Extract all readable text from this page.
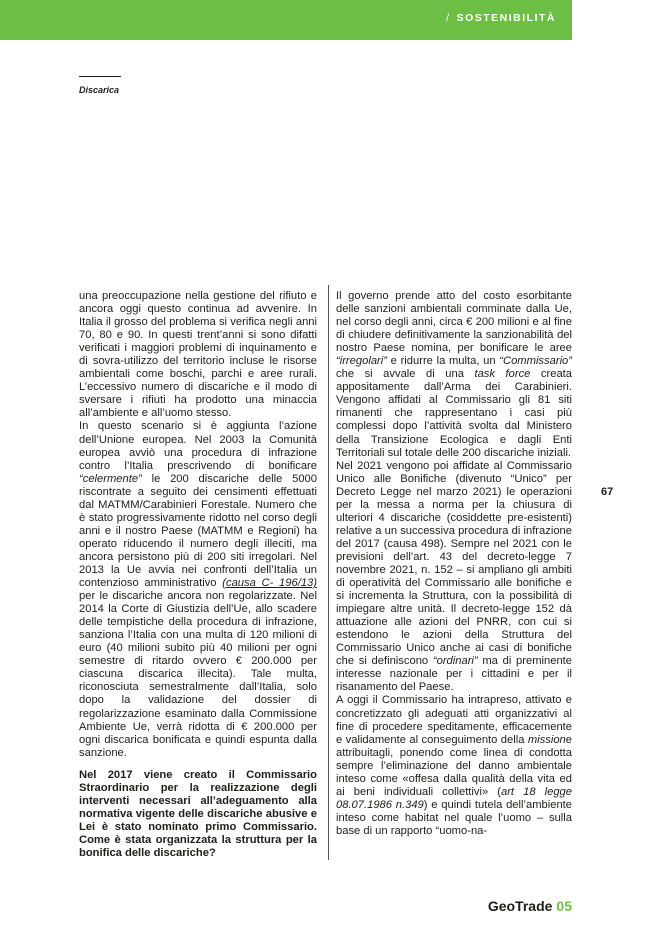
/ SOSTENIBILITÀ
Discarica

una preoccupazione nella gestione del rifiuto e ancora oggi questo continua ad avvenire. In Italia il grosso del problema si verifica negli anni 70, 80 e 90. In questi trent’anni si sono difatti verificati i maggiori problemi di inquinamento e di sovra-utilizzo del territorio incluse le risorse ambientali come boschi, parchi e aree rurali. L’eccessivo numero di discariche e il modo di sversare i rifiuti ha prodotto una minaccia all’ambiente e all’uomo stesso.

In questo scenario si è aggiunta l’azione dell’Unione europea. Nel 2003 la Comunità europea avviò una procedura di infrazione contro l’Italia prescrivendo di bonificare “celermente” le 200 discariche delle 5000 riscontrate a seguito dei censimenti effettuati dal MATMM/Carabinieri Forestale. Numero che è stato progressivamente ridotto nel corso degli anni e il nostro Paese (MATMM e Regioni) ha operato riducendo il numero degli illeciti, ma ancora persistono più di 200 siti irregolari. Nel 2013 la Ue avvia nei confronti dell’Italia un contenzioso amministrativo (causa C- 196/13) per le discariche ancora non regolarizzate. Nel 2014 la Corte di Giustizia dell’Ue, allo scadere delle tempistiche della procedura di infrazione, sanziona l’Italia con una multa di 120 milioni di euro (40 milioni subito più 40 milioni per ogni semestre di ritardo ovvero € 200.000 per ciascuna discarica illecita). Tale multa, riconosciuta semestralmente dall’Italia, solo dopo la validazione del dossier di regolarizzazione esaminato dalla Commissione Ambiente Ue, verrà ridotta di € 200.000 per ogni discarica bonificata e quindi espunta dalla sanzione.

Nel 2017 viene creato il Commissario Straordinario per la realizzazione degli interventi necessari all’adeguamento alla normativa vigente delle discariche abusive e Lei è stato nominato primo Commissario. Come è stata organizzata la struttura per la bonifica delle discariche?

Il governo prende atto del costo esorbitante delle sanzioni ambientali comminate dalla Ue, nel corso degli anni, circa € 200 milioni e al fine di chiudere definitivamente la sanzionabilità del nostro Paese nomina, per bonificare le aree “irregolari” e ridurre la multa, un “Commissario” che si avvale di una task force creata appositamente dall’Arma dei Carabinieri. Vengono affidati al Commissario gli 81 siti rimanenti che rappresentano i casi più complessi dopo l’attività svolta dal Ministero della Transizione Ecologica e dagli Enti Territoriali sul totale delle 200 discariche iniziali.

Nel 2021 vengono poi affidate al Commissario Unico alle Bonifiche (divenuto “Unico” per Decreto Legge nel marzo 2021) le operazioni per la messa a norma per la chiusura di ulteriori 4 discariche (cosiddette pre-esistenti) relative a un successiva procedura di infrazione del 2017 (causa 498). Sempre nel 2021 con le previsioni dell’art. 43 del decreto-legge 7 novembre 2021, n. 152 – si ampliano gli ambiti di operatività del Commissario alle bonifiche e si incrementa la Struttura, con la possibilità di impiegare altre unità. Il decreto-legge 152 dà attuazione alle azioni del PNRR, con cui si estendono le azioni della Struttura del Commissario Unico anche ai casi di bonifiche che si definiscono “ordinari” ma di preminente interesse nazionale per i cittadini e per il risanamento del Paese.

A oggi il Commissario ha intrapreso, attivato e concretizzato gli adeguati atti organizzativi al fine di procedere speditamente, efficacemente e validamente al conseguimento della missione attribuitagli, ponendo come linea di condotta sempre l’eliminazione del danno ambientale inteso come «offesa dalla qualità della vita ed ai beni individuali collettivi» (art 18 legge 08.07.1986 n.349) e quindi tutela dell’ambiente inteso come habitat nel quale l’uomo – sulla base di un rapporto “uomo-na-

67
GeoTrade 05
